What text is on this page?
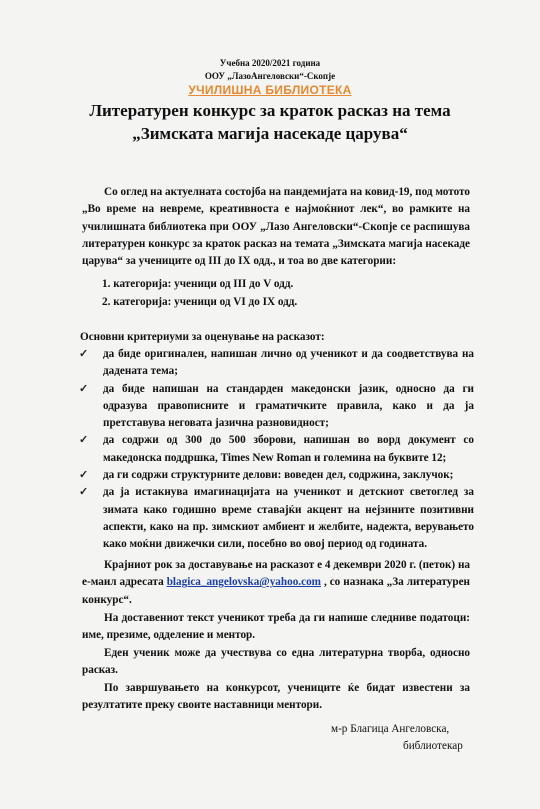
Учебна 2020/2021 година
ООУ „ЛазоАнгеловски“-Скопје
УЧИЛИШНА БИБЛИОТЕКА
Литературен конкурс за краток расказ на тема
„Зимската магија насекаде царува“
Со оглед на актуелната состојба на пандемијата на ковид-19, под мотото „Во време на невреме, креативноста е најмоќниот лек“, во рамките на училишната библиотека при ООУ „Лазо Ангеловски“-Скопје се распишува литературен конкурс за краток расказ на темата „Зимската магија насекаде царува“ за учениците од III до IX одд., и тоа во две категории:
1. категорија: ученици од III до V одд.
2. категорија: ученици од VI до IX одд.
Основни критериуми за оценување на расказот:
✓ да биде оригинален, напишан лично од ученикот и да соодветствува на дадената тема;
✓ да биде напишан на стандарден македонски јазик, односно да ги одразува правописните и граматичките правила, како и да ја претставува неговата јазична разновидност;
✓ да содржи од 300 до 500 зборови, напишан во ворд документ со македонска поддршка, Times New Roman и големина на буквите 12;
✓ да ги содржи структурните делови: воведен дел, содржина, заклучок;
✓ да ја истакнува имагинацијата на ученикот и детскиот светоглед за зимата како годишно време ставајќи акцент на нејзините позитивни аспекти, како на пр. зимскиот амбиент и желбите, надежта, верувањето како моќни движечки сили, посебно во овој период од годината.
Крајниот рок за доставување на расказот е 4 декември 2020 г. (петок) на е-маил адресата blagica_angelovska@yahoo.com , со назнака „За литературен конкурс“.
На доставениот текст ученикот треба да ги напише следниве податоци: име, презиме, одделение и ментор.
Еден ученик може да учествува со една литературна творба, односно расказ.
По завршувањето на конкурсот, учениците ќе бидат известени за резултатите преку своите наставници ментори.
м-р Благица Ангеловска,
библиотекар
